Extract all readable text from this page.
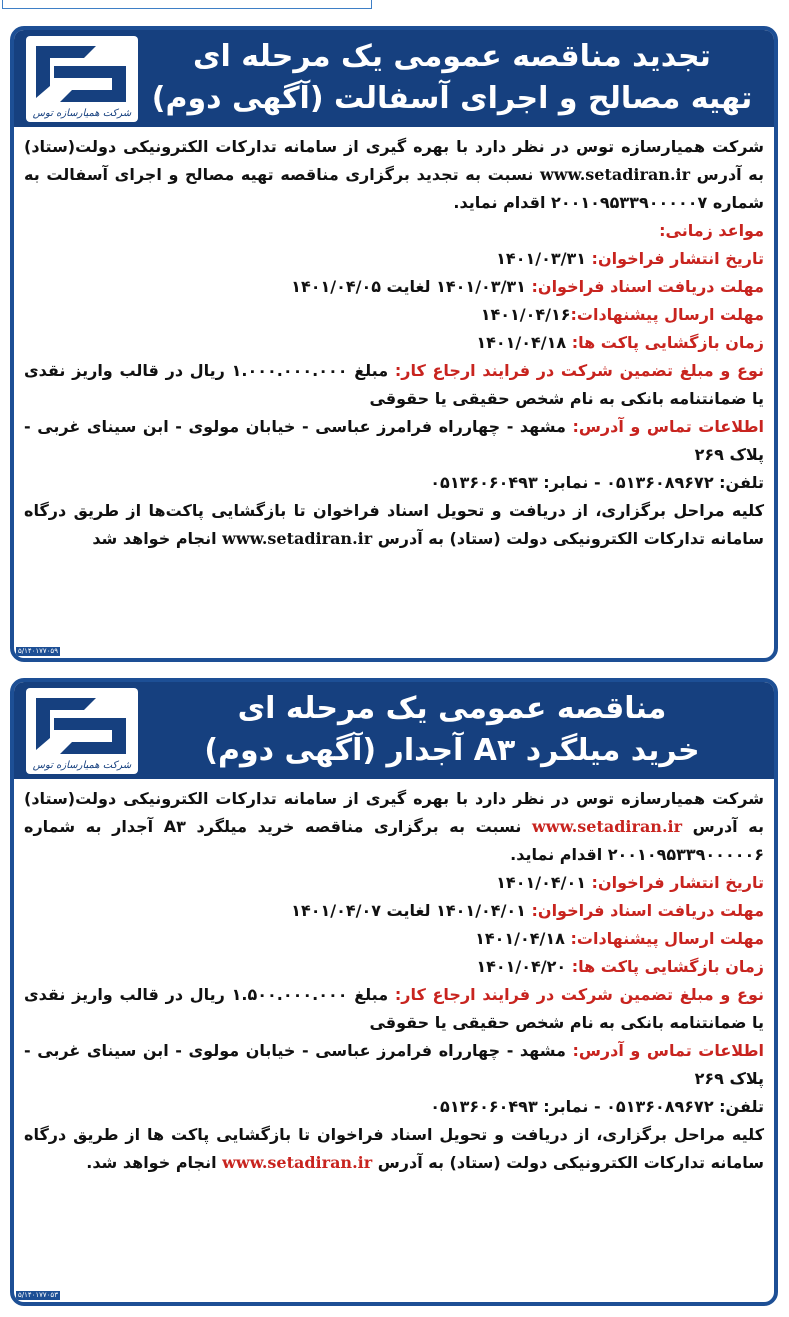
تجدید مناقصه عمومی یک مرحله ای
تهیه مصالح و اجرای آسفالت (آگهی دوم)
شرکت همیارسازه توس

شرکت همیارسازه توس در نظر دارد با بهره گیری از سامانه تدارکات الکترونیکی دولت(ستاد) به آدرس www.setadiran.ir نسبت به تجدید برگزاری مناقصه تهیه مصالح و اجرای آسفالت به شماره ۲۰۰۱۰۹۵۳۳۹۰۰۰۰۰۷ اقدام نماید.

مواعد زمانی:

تاریخ انتشار فراخوان: ۱۴۰۱/۰۳/۳۱

مهلت دریافت اسناد فراخوان: ۱۴۰۱/۰۳/۳۱ لغایت ۱۴۰۱/۰۴/۰۵

مهلت ارسال پیشنهادات:۱۴۰۱/۰۴/۱۶

زمان بازگشایی پاکت ها: ۱۴۰۱/۰۴/۱۸

نوع و مبلغ تضمین شرکت در فرایند ارجاع کار: مبلغ ۱.۰۰۰.۰۰۰.۰۰۰ ریال در قالب واریز نقدی یا ضمانتنامه بانکی به نام شخص حقیقی یا حقوقی

اطلاعات تماس و آدرس: مشهد - چهارراه فرامرز عباسی - خیابان مولوی - ابن سینای غربی - پلاک ۲۶۹

تلفن: ۰۵۱۳۶۰۸۹۶۷۲ - نمابر: ۰۵۱۳۶۰۶۰۴۹۳

کلیه مراحل برگزاری، از دریافت و تحویل اسناد فراخوان تا بازگشایی پاکت‌ها از طریق درگاه سامانه تدارکات الکترونیکی دولت (ستاد) به آدرس www.setadiran.ir انجام خواهد شد

۵/۱۴۰۱۷۷۰۵۹
مناقصه عمومی یک مرحله ای
خرید میلگرد A۳ آجدار (آگهی دوم)
شرکت همیارسازه توس

شرکت همیارسازه توس در نظر دارد با بهره گیری از سامانه تدارکات الکترونیکی دولت(ستاد) به آدرس www.setadiran.ir نسبت به برگزاری مناقصه خرید میلگرد A۳ آجدار به شماره ۲۰۰۱۰۹۵۳۳۹۰۰۰۰۰۶ اقدام نماید.

تاریخ انتشار فراخوان: ۱۴۰۱/۰۴/۰۱

مهلت دریافت اسناد فراخوان: ۱۴۰۱/۰۴/۰۱ لغایت ۱۴۰۱/۰۴/۰۷

مهلت ارسال پیشنهادات: ۱۴۰۱/۰۴/۱۸

زمان بازگشایی پاکت ها: ۱۴۰۱/۰۴/۲۰

نوع و مبلغ تضمین شرکت در فرایند ارجاع کار: مبلغ ۱.۵۰۰.۰۰۰.۰۰۰ ریال در قالب واریز نقدی یا ضمانتنامه بانکی به نام شخص حقیقی یا حقوقی

اطلاعات تماس و آدرس: مشهد - چهارراه فرامرز عباسی - خیابان مولوی - ابن سینای غربی - پلاک ۲۶۹

تلفن: ۰۵۱۳۶۰۸۹۶۷۲ - نمابر: ۰۵۱۳۶۰۶۰۴۹۳

کلیه مراحل برگزاری، از دریافت و تحویل اسناد فراخوان تا بازگشایی پاکت ها از طریق درگاه سامانه تدارکات الکترونیکی دولت (ستاد) به آدرس www.setadiran.ir انجام خواهد شد.

۵/۱۴۰۱۷۷۰۵۳
